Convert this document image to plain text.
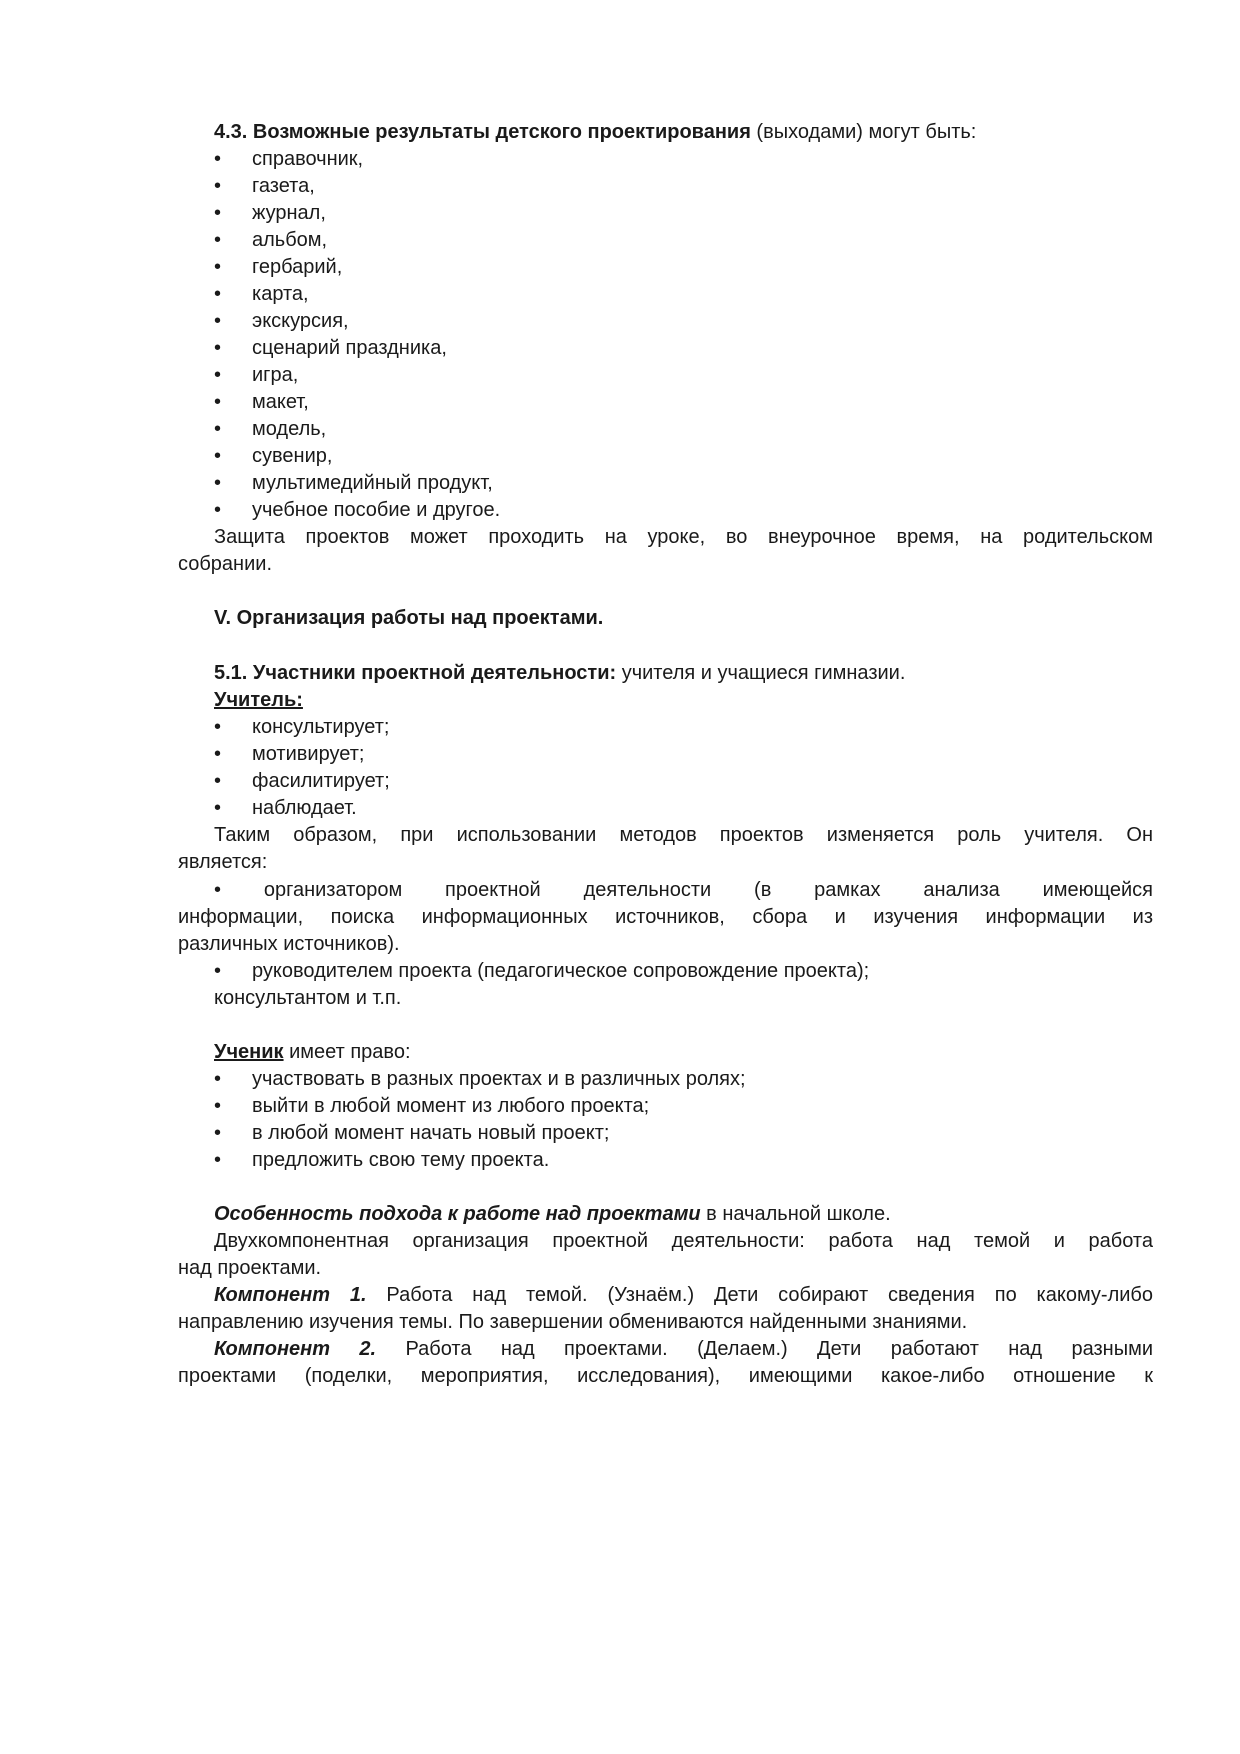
4.3. Возможные результаты детского проектирования (выходами) могут быть:
• справочник,
• газета,
• журнал,
• альбом,
• гербарий,
• карта,
• экскурсия,
• сценарий праздника,
• игра,
• макет,
• модель,
• сувенир,
• мультимедийный продукт,
• учебное пособие и другое.
Защита проектов может проходить на уроке, во внеурочное время, на родительском
собрании.
V. Организация работы над проектами.
5.1. Участники проектной деятельности: учителя и учащиеся гимназии.
Учитель:
• консультирует;
• мотивирует;
• фасилитирует;
• наблюдает.
Таким образом, при использовании методов проектов изменяется роль учителя. Он
является:
• организатором проектной деятельности (в рамках анализа имеющейся
информации, поиска информационных источников, сбора и изучения информации из
различных источников).
• руководителем проекта (педагогическое сопровождение проекта);
консультантом и т.п.
Ученик имеет право:
• участвовать в разных проектах и в различных ролях;
• выйти в любой момент из любого проекта;
• в любой момент начать новый проект;
• предложить свою тему проекта.
Особенность подхода к работе над проектами в начальной школе.
Двухкомпонентная организация проектной деятельности: работа над темой и работа
над проектами.
Компонент 1. Работа над темой. (Узнаём.) Дети собирают сведения по какому-либо
направлению изучения темы. По завершении обмениваются найденными знаниями.
Компонент 2. Работа над проектами. (Делаем.) Дети работают над разными
проектами (поделки, мероприятия, исследования), имеющими какое-либо отношение к
